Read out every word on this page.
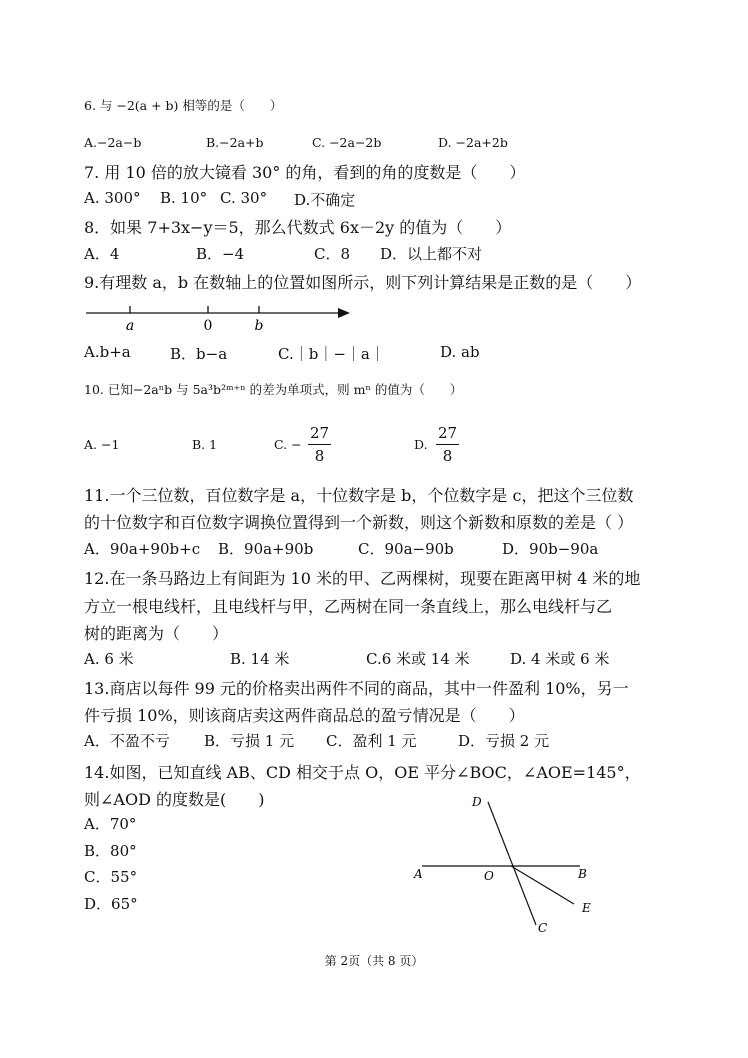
6. 与 −2(a + b) 相等的是（　　）
A.−2a−b	B.−2a+b	C. −2a−2b	D. −2a+2b
7. 用 10 倍的放大镜看 30° 的角，看到的角的度数是（　　）
A. 300° B. 10° C. 30° D.不确定
8．如果 7+3x−y＝5，那么代数式 6x－2y 的值为（　　）
A．4	B．−4	C．8 D．以上都不对
9.有理数 a，b 在数轴上的位置如图所示，则下列计算结果是正数的是（　　）
a	0	b
A.b+a	B．b−a	C.｜b｜−｜a｜	D. ab
10. 已知−2aⁿb 与 5a³b²ᵐ⁺ⁿ 的差为单项式，则 mⁿ 的值为（　　）
A. −1	B. 1	C. −	D.
27
8
27
8
11.一个三位数，百位数字是 a，十位数字是 b，个位数字是 c，把这个三位数
的十位数字和百位数字调换位置得到一个新数，则这个新数和原数的差是（ ）
A．90a+90b+c B．90a+90b	C．90a−90b	D．90b−90a
12.在一条马路边上有间距为 10 米的甲、乙两棵树，现要在距离甲树 4 米的地
方立一根电线杆，且电线杆与甲，乙两树在同一条直线上，那么电线杆与乙
树的距离为（　　）
A. 6 米	B. 14 米	C.6 米或 14 米	D. 4 米或 6 米
13.商店以每件 99 元的价格卖出两件不同的商品，其中一件盈利 10%，另一
件亏损 10%，则该商店卖这两件商品总的盈亏情况是（　　）
A．不盈不亏 B．亏损 1 元 C．盈利 1 元	D．亏损 2 元
14.如图，已知直线 AB、CD 相交于点 O，OE 平分∠BOC，∠AOE=145°，
则∠AOD 的度数是(　　)
A．70°
B．80°
C．55°
D．65°
D
A	O	B
E
C
第 2页（共 8 页）
